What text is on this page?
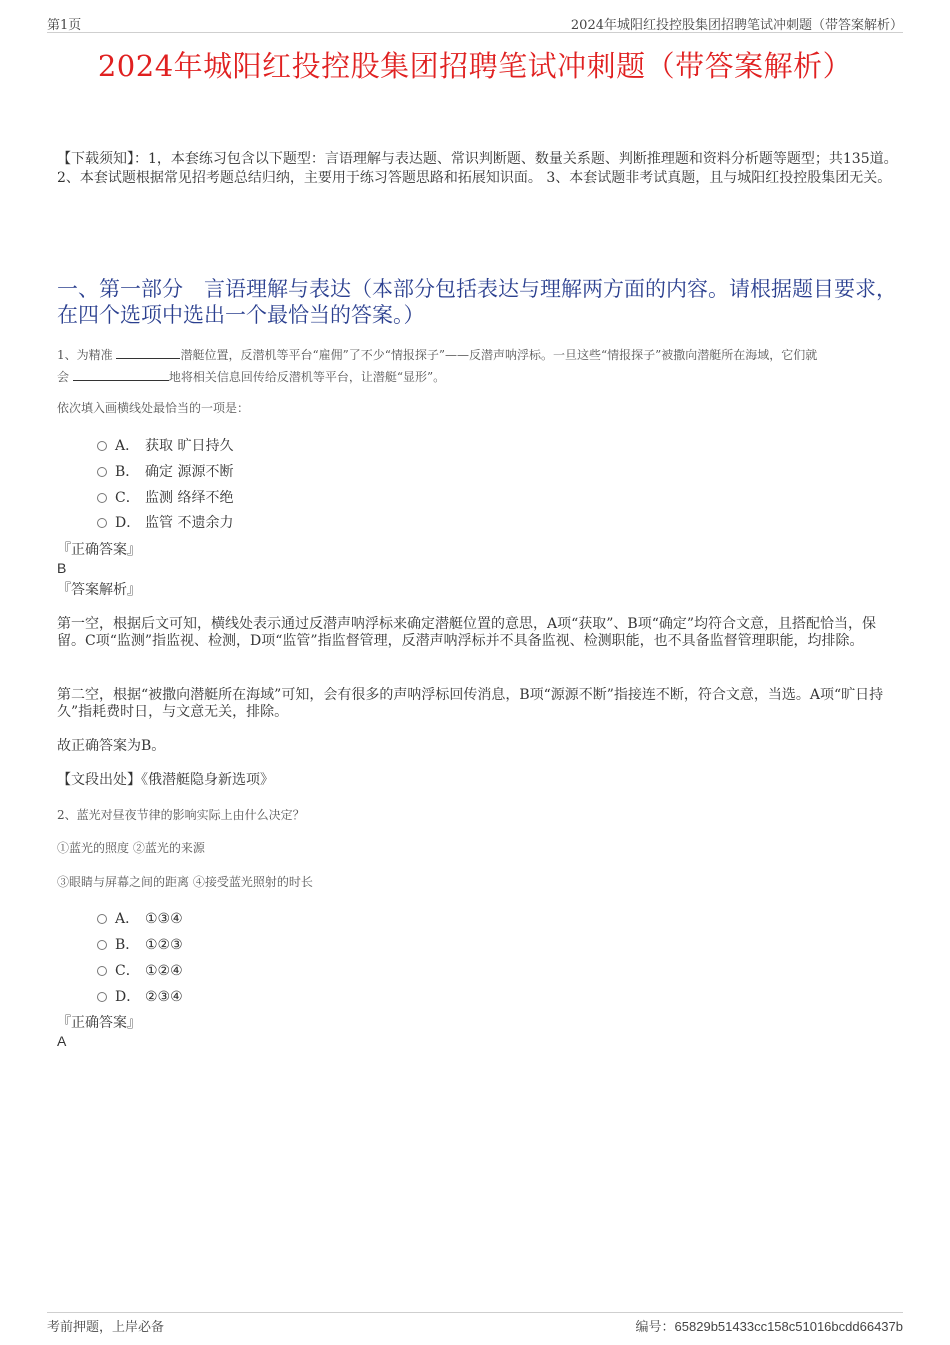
第1页	2024年城阳红投控股集团招聘笔试冲刺题（带答案解析）
2024年城阳红投控股集团招聘笔试冲刺题（带答案解析）
【下载须知】：1，本套练习包含以下题型：言语理解与表达题、常识判断题、数量关系题、判断推理题和资料分析题等题型；共135道。 2、本套试题根据常见招考题总结归纳，主要用于练习答题思路和拓展知识面。 3、本套试题非考试真题，且与城阳红投控股集团无关。
一、第一部分　言语理解与表达（本部分包括表达与理解两方面的内容。请根据题目要求，在四个选项中选出一个最恰当的答案。）
1、为精准	潜艇位置，反潜机等平台“雇佣”了不少“情报探子”——反潜声呐浮标。一旦这些“情报探子”被撒向潜艇所在海域，它们就
会	地将相关信息回传给反潜机等平台，让潜艇“显形”。
依次填入画横线处最恰当的一项是：
A． 获取 旷日持久
B． 确定 源源不断
C． 监测 络绎不绝
D． 监管 不遗余力
『正确答案』
B
『答案解析』
第一空，根据后文可知，横线处表示通过反潜声呐浮标来确定潜艇位置的意思，A项“获取”、B项“确定”均符合文意，且搭配恰当，保留。C项“监测”指监视、检测，D项“监管”指监督管理，反潜声呐浮标并不具备监视、检测职能，也不具备监督管理职能，均排除。
第二空，根据“被撒向潜艇所在海域”可知，会有很多的声呐浮标回传消息，B项“源源不断”指接连不断，符合文意，当选。A项“旷日持久”指耗费时日，与文意无关，排除。
故正确答案为B。
【文段出处】《俄潜艇隐身新选项》
2、蓝光对昼夜节律的影响实际上由什么决定？
①蓝光的照度 ②蓝光的来源
③眼睛与屏幕之间的距离 ④接受蓝光照射的时长
A． ①③④
B． ①②③
C． ①②④
D． ②③④
『正确答案』
A
考前押题，上岸必备	编号：65829b51433cc158c51016bcdd66437b
